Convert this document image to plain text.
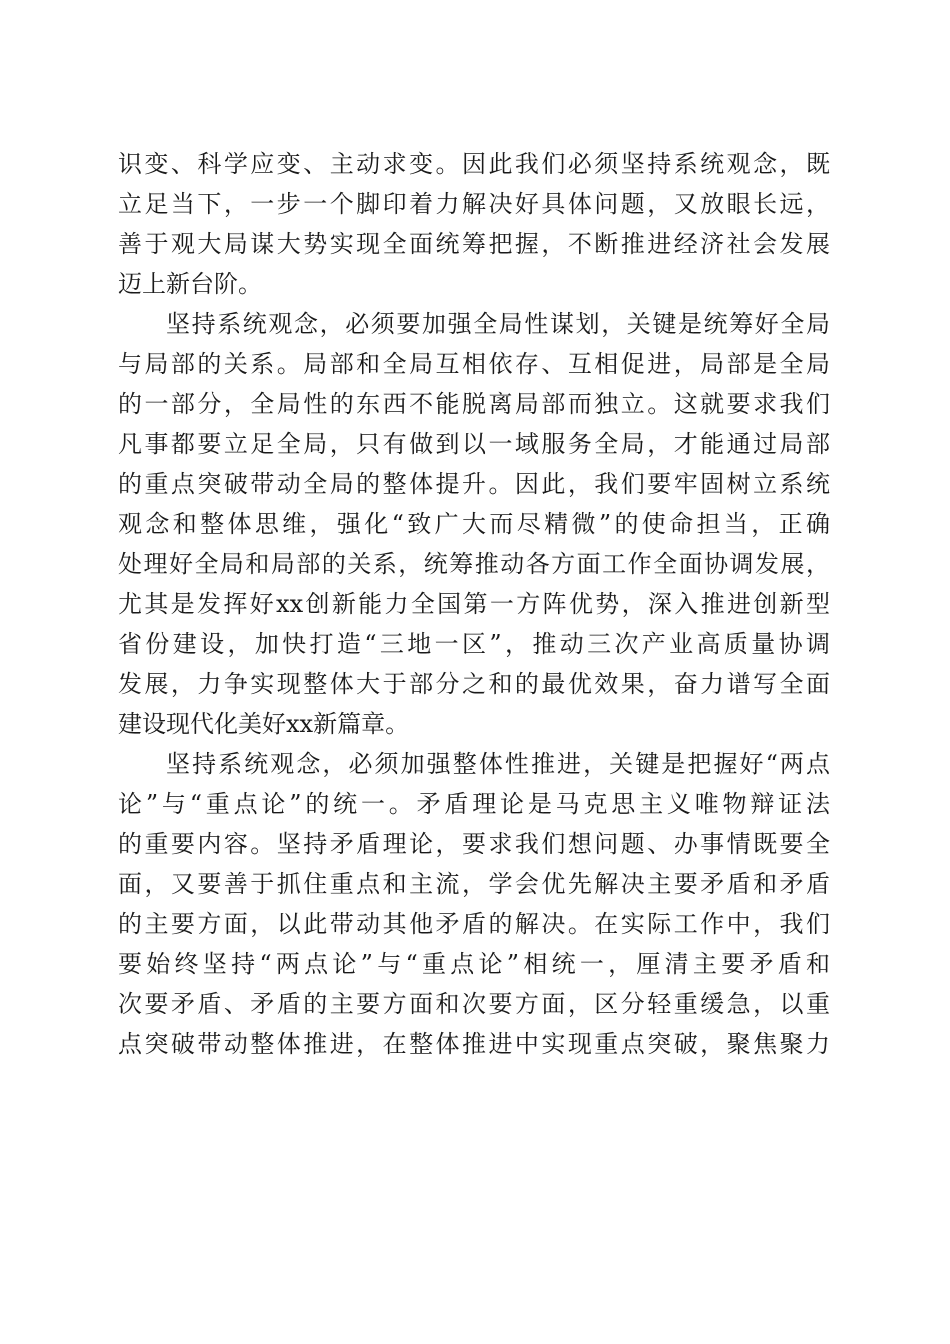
识变、科学应变、主动求变。因此我们必须坚持系统观念，既
立足当下，一步一个脚印着力解决好具体问题，又放眼长远，
善于观大局谋大势实现全面统筹把握，不断推进经济社会发展
迈上新台阶。
坚持系统观念，必须要加强全局性谋划，关键是统筹好全局
与局部的关系。局部和全局互相依存、互相促进，局部是全局
的一部分，全局性的东西不能脱离局部而独立。这就要求我们
凡事都要立足全局，只有做到以一域服务全局，才能通过局部
的重点突破带动全局的整体提升。因此，我们要牢固树立系统
观念和整体思维，强化“致广大而尽精微”的使命担当，正确
处理好全局和局部的关系，统筹推动各方面工作全面协调发展，
尤其是发挥好xx创新能力全国第一方阵优势，深入推进创新型
省份建设，加快打造“三地一区”，推动三次产业高质量协调
发展，力争实现整体大于部分之和的最优效果，奋力谱写全面
建设现代化美好xx新篇章。
坚持系统观念，必须加强整体性推进，关键是把握好“两点
论”与“重点论”的统一。矛盾理论是马克思主义唯物辩证法
的重要内容。坚持矛盾理论，要求我们想问题、办事情既要全
面，又要善于抓住重点和主流，学会优先解决主要矛盾和矛盾
的主要方面，以此带动其他矛盾的解决。在实际工作中，我们
要始终坚持“两点论”与“重点论”相统一，厘清主要矛盾和
次要矛盾、矛盾的主要方面和次要方面，区分轻重缓急，以重
点突破带动整体推进，在整体推进中实现重点突破，聚焦聚力
